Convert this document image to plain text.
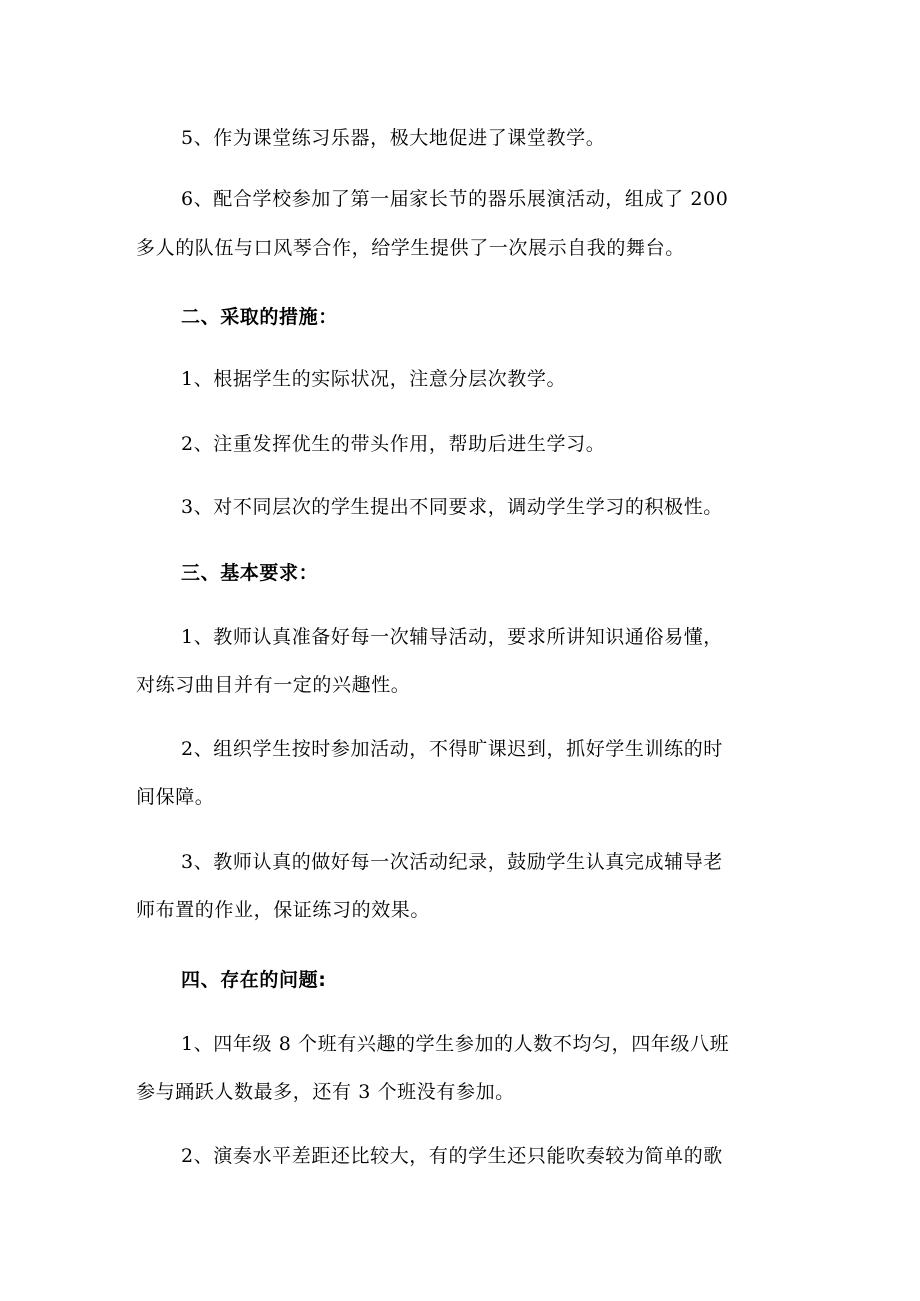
5、作为课堂练习乐器，极大地促进了课堂教学。
6、配合学校参加了第一届家长节的器乐展演活动，组成了 200
多人的队伍与口风琴合作，给学生提供了一次展示自我的舞台。
二、采取的措施：
1、根据学生的实际状况，注意分层次教学。
2、注重发挥优生的带头作用，帮助后进生学习。
3、对不同层次的学生提出不同要求，调动学生学习的积极性。
三、基本要求：
1、教师认真准备好每一次辅导活动，要求所讲知识通俗易懂，
对练习曲目并有一定的兴趣性。
2、组织学生按时参加活动，不得旷课迟到，抓好学生训练的时
间保障。
3、教师认真的做好每一次活动纪录，鼓励学生认真完成辅导老
师布置的作业，保证练习的效果。
四、存在的问题:
1、四年级 8 个班有兴趣的学生参加的人数不均匀，四年级八班
参与踊跃人数最多，还有 3 个班没有参加。
2、演奏水平差距还比较大，有的学生还只能吹奏较为简单的歌
